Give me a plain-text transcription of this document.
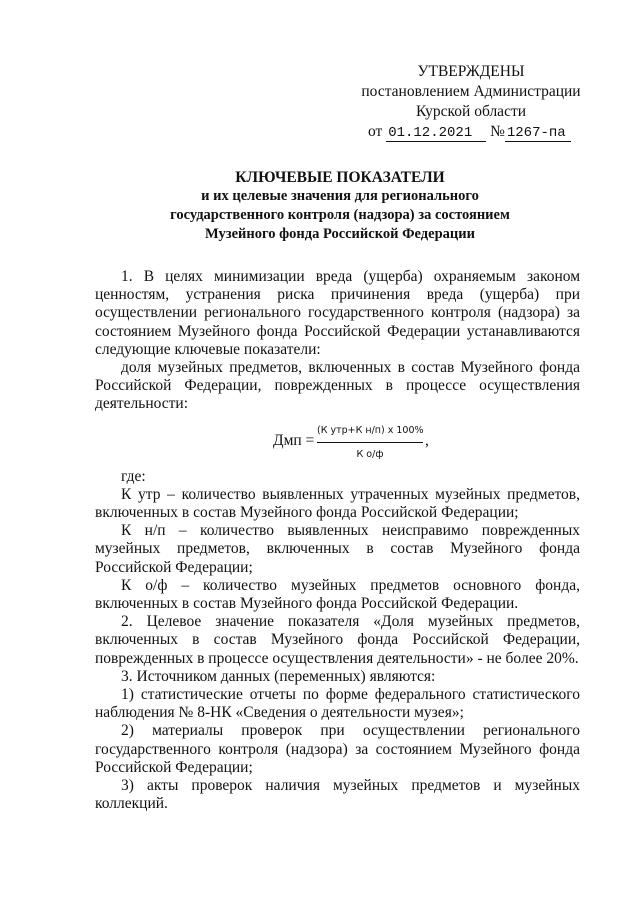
УТВЕРЖДЕНЫ
постановлением Администрации
Курской области
от 01.12.2021 № 1267-па
КЛЮЧЕВЫЕ ПОКАЗАТЕЛИ
и их целевые значения для регионального
государственного контроля (надзора) за состоянием
Музейного фонда Российской Федерации

1. В целях минимизации вреда (ущерба) охраняемым законом ценностям, устранения риска причинения вреда (ущерба) при осуществлении регионального государственного контроля (надзора) за состоянием Музейного фонда Российской Федерации устанавливаются следующие ключевые показатели:

доля музейных предметов, включенных в состав Музейного фонда Российской Федерации, поврежденных в процессе осуществления деятельности:

Дмп =
(К утр+К н/п) х 100%
К о/ф
,

где:

К утр – количество выявленных утраченных музейных предметов, включенных в состав Музейного фонда Российской Федерации;

К н/п – количество выявленных неисправимо поврежденных музейных предметов, включенных в состав Музейного фонда Российской Федерации;

К о/ф – количество музейных предметов основного фонда, включенных в состав Музейного фонда Российской Федерации.

2. Целевое значение показателя «Доля музейных предметов, включенных в состав Музейного фонда Российской Федерации, поврежденных в процессе осуществления деятельности» - не более 20%.

3. Источником данных (переменных) являются:

1) статистические отчеты по форме федерального статистического наблюдения № 8-НК «Сведения о деятельности музея»;

2) материалы проверок при осуществлении регионального государственного контроля (надзора) за состоянием Музейного фонда Российской Федерации;

3) акты проверок наличия музейных предметов и музейных коллекций.
